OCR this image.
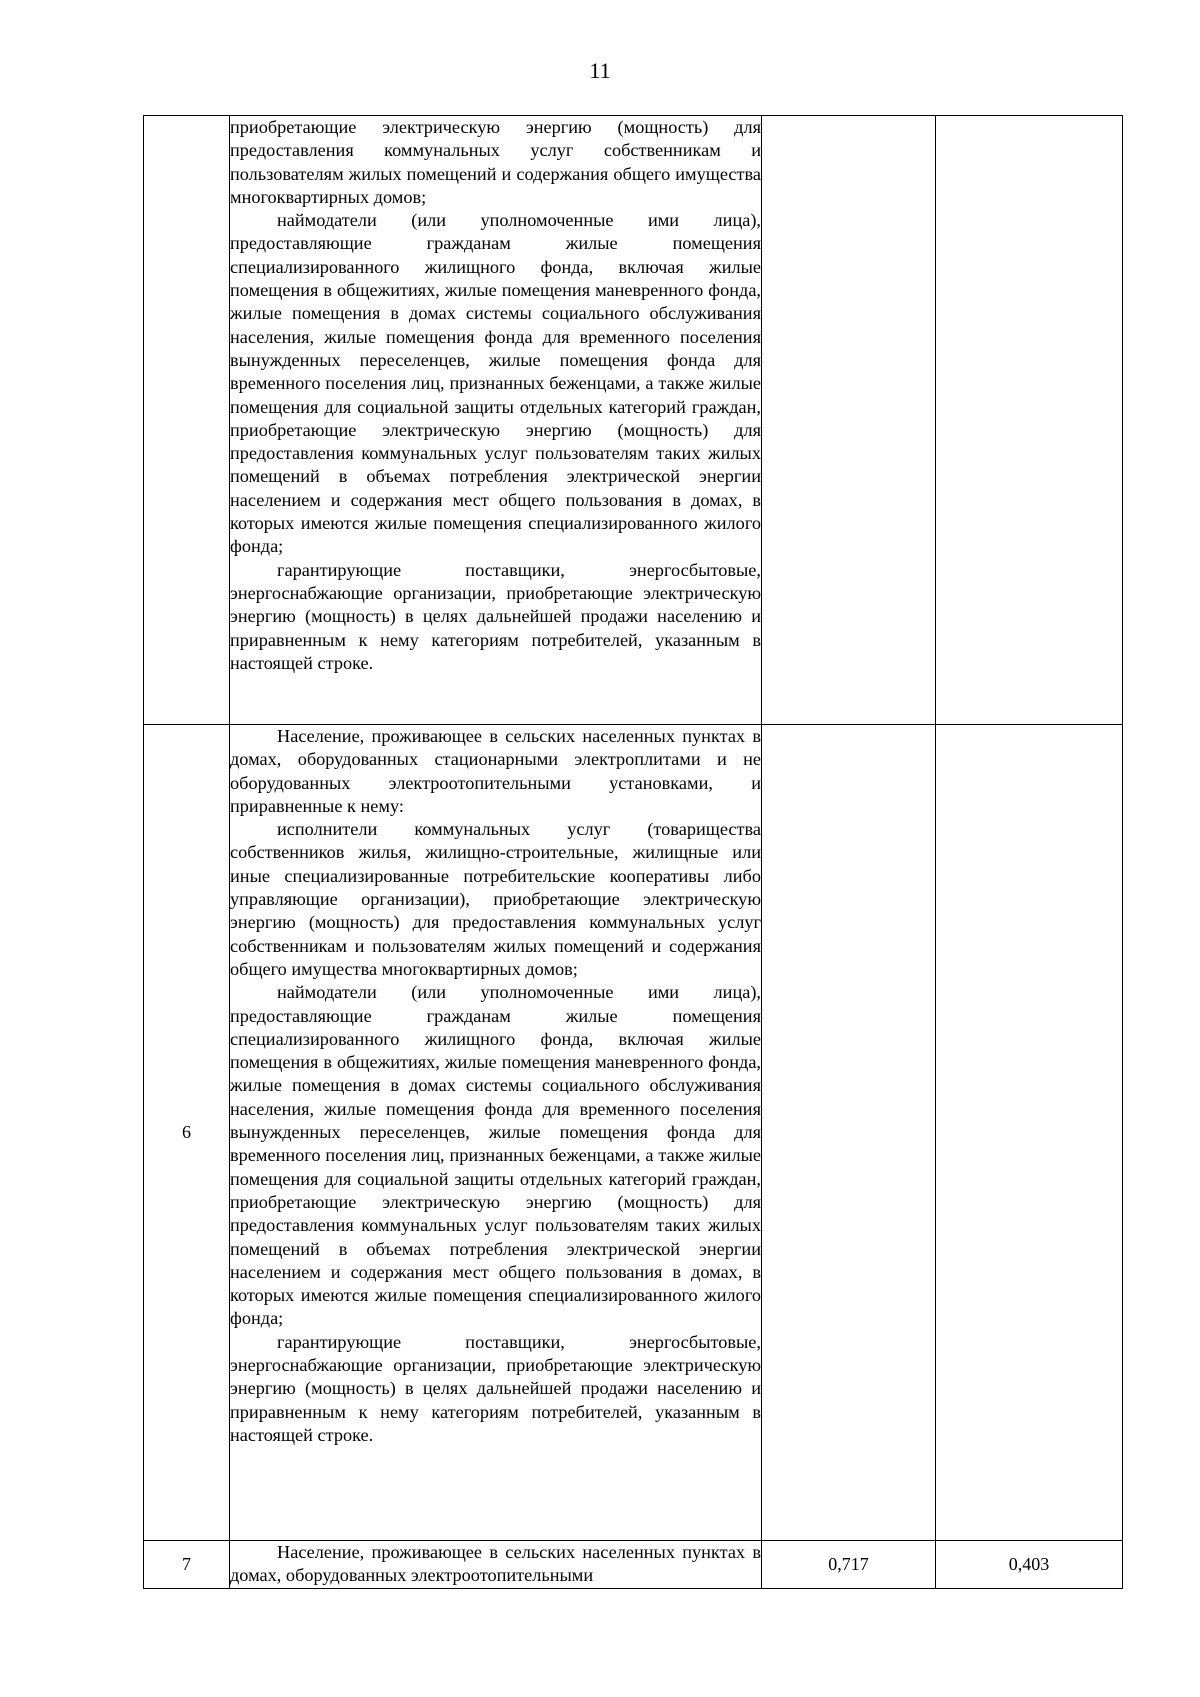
11

	приобретающие электрическую энергию (мощность) для предоставления коммунальных услуг собственникам и пользователям жилых помещений и содержания общего имущества многоквартирных домов;

наймодатели (или уполномоченные ими лица), предоставляющие гражданам жилые помещения специализированного жилищного фонда, включая жилые помещения в общежитиях, жилые помещения маневренного фонда, жилые помещения в домах системы социального обслуживания населения, жилые помещения фонда для временного поселения вынужденных переселенцев, жилые помещения фонда для временного поселения лиц, признанных беженцами, а также жилые помещения для социальной защиты отдельных категорий граждан, приобретающие электрическую энергию (мощность) для предоставления коммунальных услуг пользователям таких жилых помещений в объемах потребления электрической энергии населением и содержания мест общего пользования в домах, в которых имеются жилые помещения специализированного жилого фонда;

гарантирующие поставщики, энергосбытовые, энергоснабжающие организации, приобретающие электрическую энергию (мощность) в целях дальнейшей продажи населению и приравненным к нему категориям потребителей, указанным в настоящей строке.		

6	Население, проживающее в сельских населенных пунктах в домах, оборудованных стационарными электроплитами и не оборудованных электроотопительными установками, и приравненные к нему:

исполнители коммунальных услуг (товарищества собственников жилья, жилищно-строительные, жилищные или иные специализированные потребительские кооперативы либо управляющие организации), приобретающие электрическую энергию (мощность) для предоставления коммунальных услуг собственникам и пользователям жилых помещений и содержания общего имущества многоквартирных домов;

наймодатели (или уполномоченные ими лица), предоставляющие гражданам жилые помещения специализированного жилищного фонда, включая жилые помещения в общежитиях, жилые помещения маневренного фонда, жилые помещения в домах системы социального обслуживания населения, жилые помещения фонда для временного поселения вынужденных переселенцев, жилые помещения фонда для временного поселения лиц, признанных беженцами, а также жилые помещения для социальной защиты отдельных категорий граждан, приобретающие электрическую энергию (мощность) для предоставления коммунальных услуг пользователям таких жилых помещений в объемах потребления электрической энергии населением и содержания мест общего пользования в домах, в которых имеются жилые помещения специализированного жилого фонда;

гарантирующие поставщики, энергосбытовые, энергоснабжающие организации, приобретающие электрическую энергию (мощность) в целях дальнейшей продажи населению и приравненным к нему категориям потребителей, указанным в настоящей строке.		

7	Население, проживающее в сельских населенных пунктах в домах, оборудованных электроотопительными	0,717	0,403
